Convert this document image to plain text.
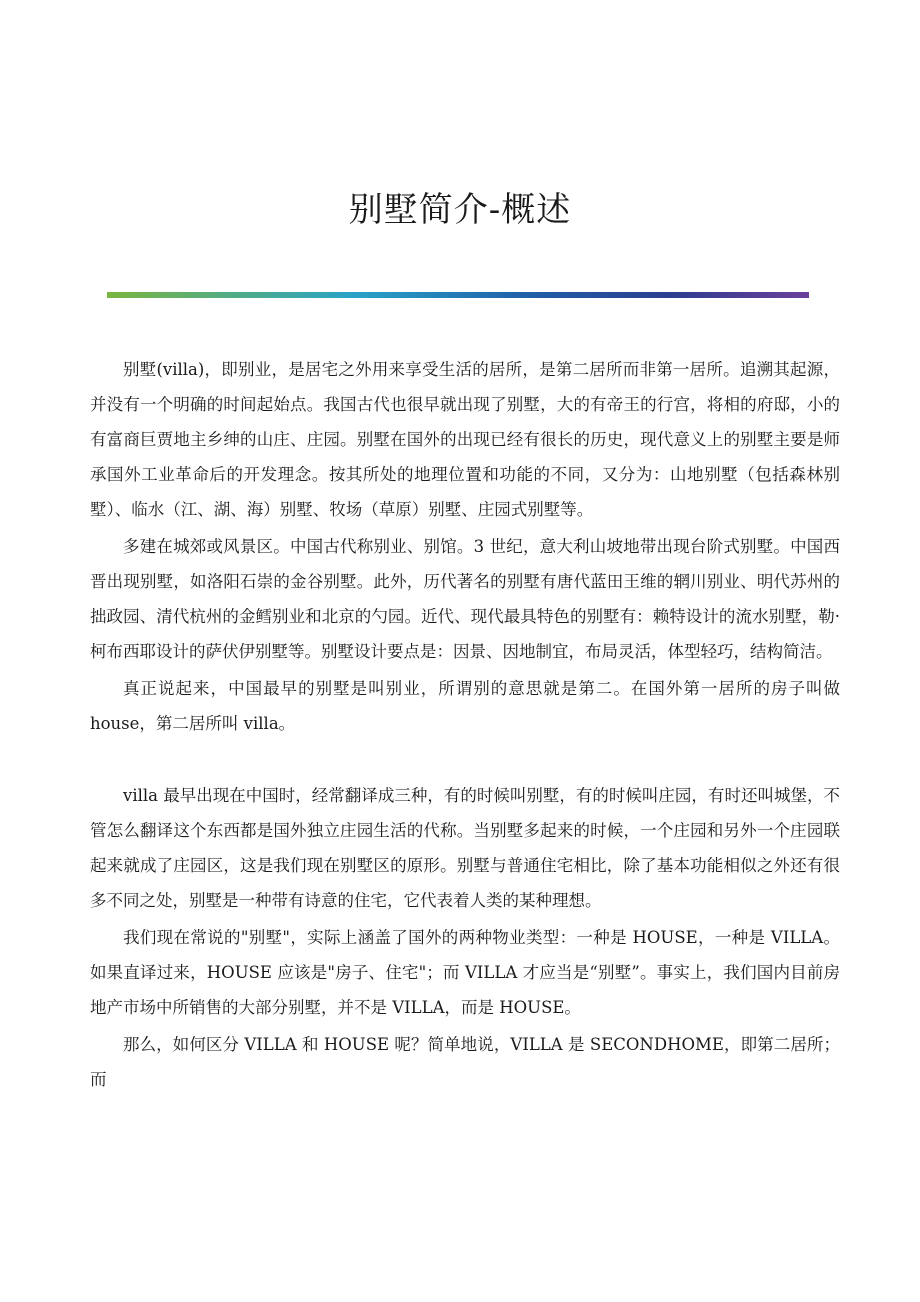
别墅简介-概述

别墅(villa)，即别业，是居宅之外用来享受生活的居所，是第二居所而非第一居所。追溯其起源，并没有一个明确的时间起始点。我国古代也很早就出现了别墅，大的有帝王的行宫，将相的府邸，小的有富商巨贾地主乡绅的山庄、庄园。别墅在国外的出现已经有很长的历史，现代意义上的别墅主要是师承国外工业革命后的开发理念。按其所处的地理位置和功能的不同，又分为：山地别墅（包括森林别墅）、临水（江、湖、海）别墅、牧场（草原）别墅、庄园式别墅等。

多建在城郊或风景区。中国古代称别业、别馆。3 世纪，意大利山坡地带出现台阶式别墅。中国西晋出现别墅，如洛阳石崇的金谷别墅。此外，历代著名的别墅有唐代蓝田王维的辋川别业、明代苏州的拙政园、清代杭州的金鳕别业和北京的勺园。近代、现代最具特色的别墅有：赖特设计的流水别墅，勒·柯布西耶设计的萨伏伊别墅等。别墅设计要点是：因景、因地制宜，布局灵活，体型轻巧，结构简洁。

真正说起来，中国最早的别墅是叫别业，所谓别的意思就是第二。在国外第一居所的房子叫做 house，第二居所叫 villa。

villa 最早出现在中国时，经常翻译成三种，有的时候叫别墅，有的时候叫庄园，有时还叫城堡，不管怎么翻译这个东西都是国外独立庄园生活的代称。当别墅多起来的时候，一个庄园和另外一个庄园联起来就成了庄园区，这是我们现在别墅区的原形。别墅与普通住宅相比，除了基本功能相似之外还有很多不同之处，别墅是一种带有诗意的住宅，它代表着人类的某种理想。

我们现在常说的"别墅"，实际上涵盖了国外的两种物业类型：一种是 HOUSE，一种是 VILLA。如果直译过来，HOUSE 应该是"房子、住宅"；而 VILLA 才应当是“别墅”。事实上，我们国内目前房地产市场中所销售的大部分别墅，并不是 VILLA，而是 HOUSE。

那么，如何区分 VILLA 和 HOUSE 呢？简单地说，VILLA 是 SECONDHOME，即第二居所；而
